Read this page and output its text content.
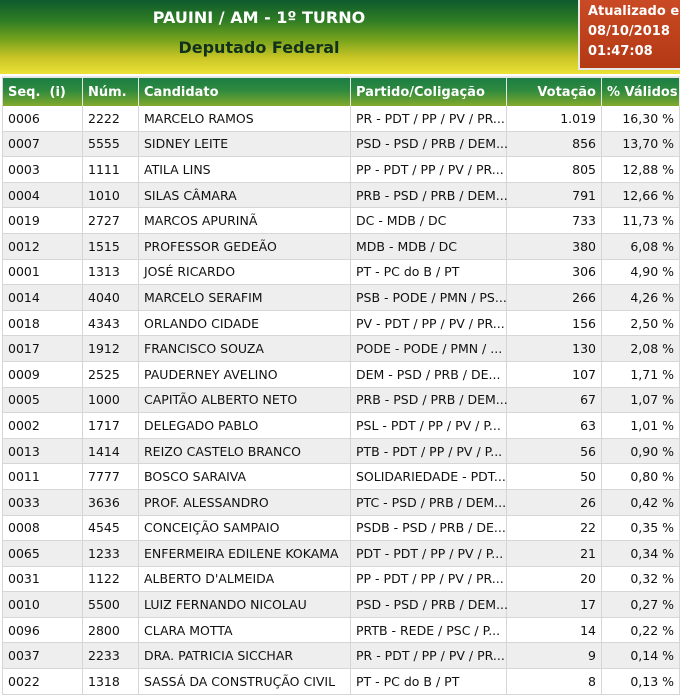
PAUINI / AM - 1º TURNO
Deputado Federal
Atualizado em
08/10/2018
01:47:08
Seq. (i)	Núm.	Candidato	Partido/Coligação	Votação	% Válidos
0006	2222	MARCELO RAMOS	PR - PDT / PP / PV / PR...	1.019	16,30 %
0007	5555	SIDNEY LEITE	PSD - PSD / PRB / DEM...	856	13,70 %
0003	1111	ATILA LINS	PP - PDT / PP / PV / PR...	805	12,88 %
0004	1010	SILAS CÂMARA	PRB - PSD / PRB / DEM...	791	12,66 %
0019	2727	MARCOS APURINÃ	DC - MDB / DC	733	11,73 %
0012	1515	PROFESSOR GEDEÃO	MDB - MDB / DC	380	6,08 %
0001	1313	JOSÉ RICARDO	PT - PC do B / PT	306	4,90 %
0014	4040	MARCELO SERAFIM	PSB - PODE / PMN / PS...	266	4,26 %
0018	4343	ORLANDO CIDADE	PV - PDT / PP / PV / PR...	156	2,50 %
0017	1912	FRANCISCO SOUZA	PODE - PODE / PMN / ...	130	2,08 %
0009	2525	PAUDERNEY AVELINO	DEM - PSD / PRB / DE...	107	1,71 %
0005	1000	CAPITÃO ALBERTO NETO	PRB - PSD / PRB / DEM...	67	1,07 %
0002	1717	DELEGADO PABLO	PSL - PDT / PP / PV / P...	63	1,01 %
0013	1414	REIZO CASTELO BRANCO	PTB - PDT / PP / PV / P...	56	0,90 %
0011	7777	BOSCO SARAIVA	SOLIDARIEDADE - PDT...	50	0,80 %
0033	3636	PROF. ALESSANDRO	PTC - PSD / PRB / DEM...	26	0,42 %
0008	4545	CONCEIÇÃO SAMPAIO	PSDB - PSD / PRB / DE...	22	0,35 %
0065	1233	ENFERMEIRA EDILENE KOKAMA	PDT - PDT / PP / PV / P...	21	0,34 %
0031	1122	ALBERTO D'ALMEIDA	PP - PDT / PP / PV / PR...	20	0,32 %
0010	5500	LUIZ FERNANDO NICOLAU	PSD - PSD / PRB / DEM...	17	0,27 %
0096	2800	CLARA MOTTA	PRTB - REDE / PSC / P...	14	0,22 %
0037	2233	DRA. PATRICIA SICCHAR	PR - PDT / PP / PV / PR...	9	0,14 %
0022	1318	SASSÁ DA CONSTRUÇÃO CIVIL	PT - PC do B / PT	8	0,13 %
